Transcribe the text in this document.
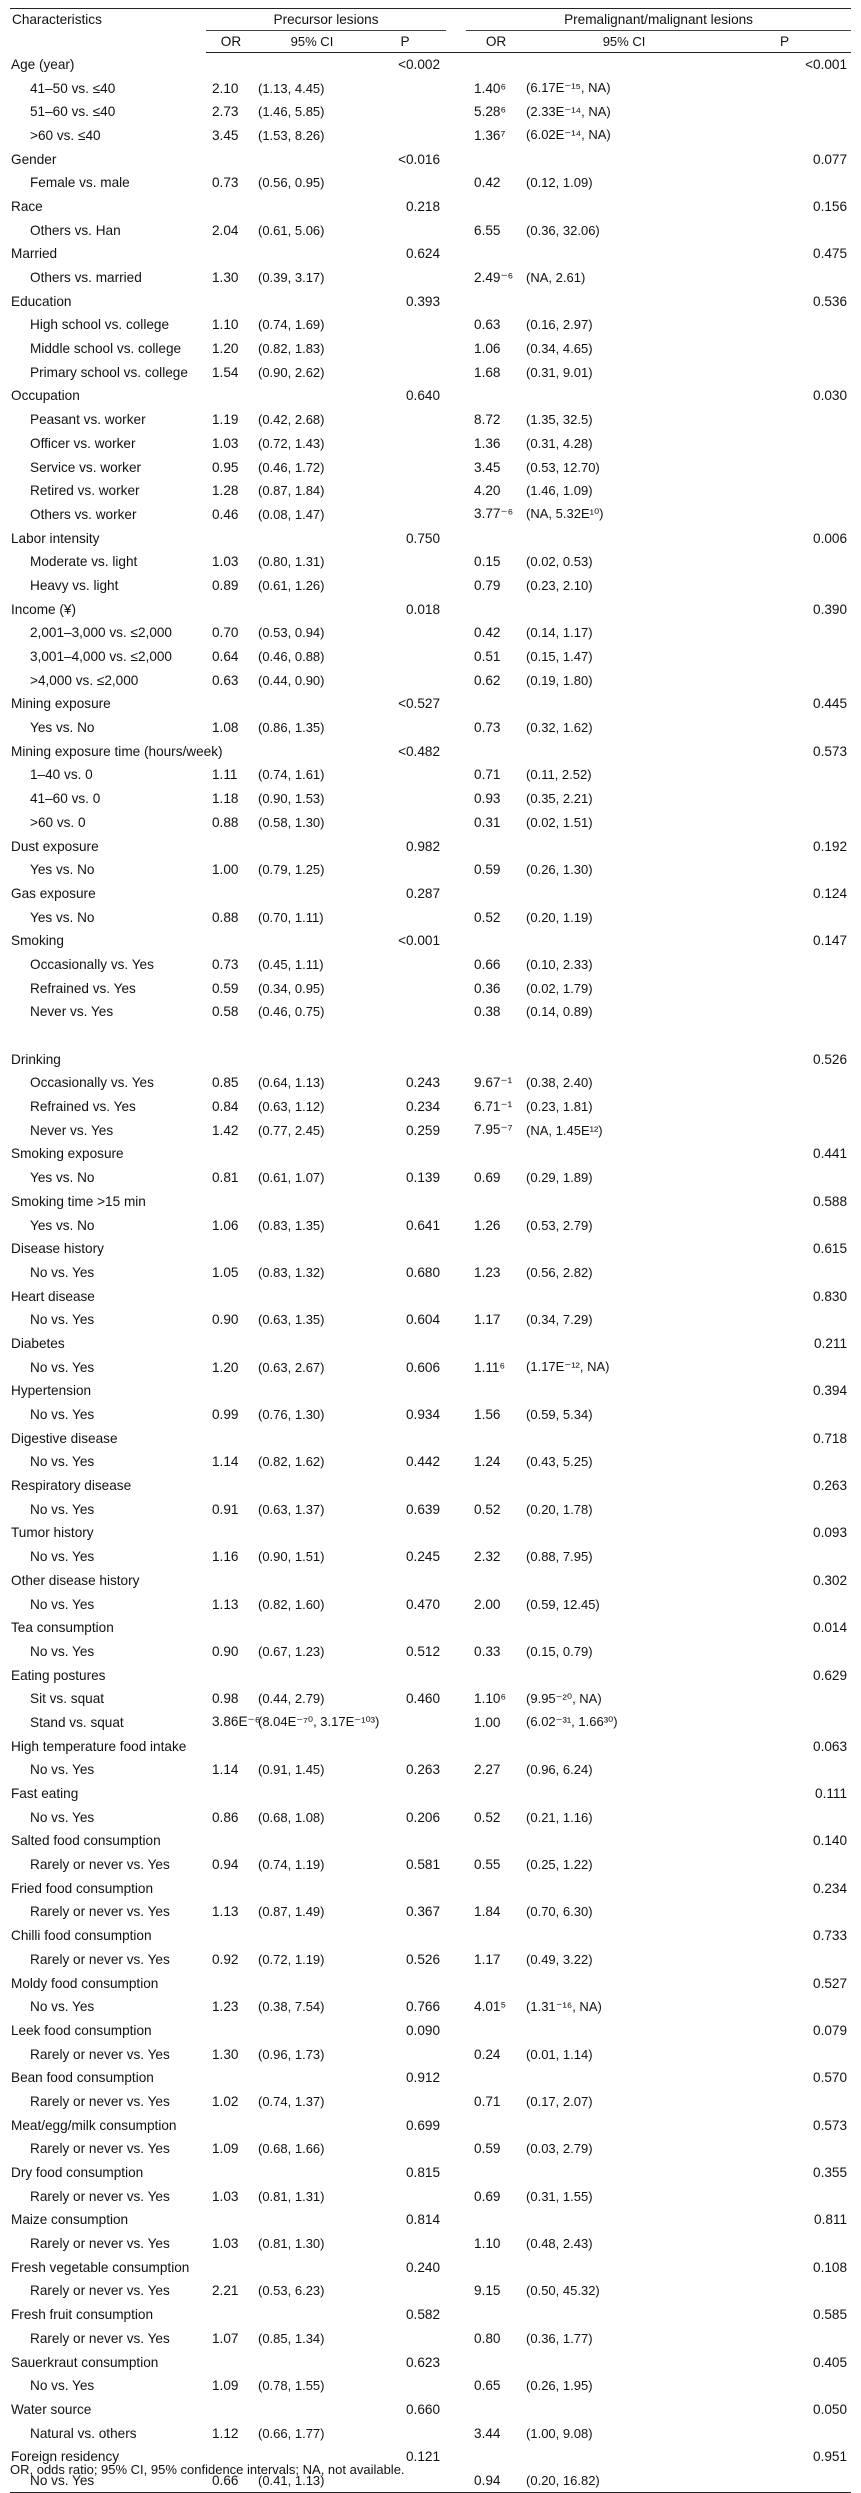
Characteristics	Precursor lesions				Premalignant/malignant lesions		
	OR	95% CI	P		OR	95% CI	P
Age (year)			<0.002				<0.001
41–50 vs. ≤40	2.10	(1.13, 4.45)			1.40⁶	(6.17E⁻¹⁵, NA)	
51–60 vs. ≤40	2.73	(1.46, 5.85)			5.28⁶	(2.33E⁻¹⁴, NA)	
>60 vs. ≤40	3.45	(1.53, 8.26)			1.36⁷	(6.02E⁻¹⁴, NA)	
Gender			<0.016				0.077
Female vs. male	0.73	(0.56, 0.95)			0.42	(0.12, 1.09)	
Race			0.218				0.156
Others vs. Han	2.04	(0.61, 5.06)			6.55	(0.36, 32.06)	
Married			0.624				0.475
Others vs. married	1.30	(0.39, 3.17)			2.49⁻⁶	(NA, 2.61)	
Education			0.393				0.536
High school vs. college	1.10	(0.74, 1.69)			0.63	(0.16, 2.97)	
Middle school vs. college	1.20	(0.82, 1.83)			1.06	(0.34, 4.65)	
Primary school vs. college	1.54	(0.90, 2.62)			1.68	(0.31, 9.01)	
Occupation			0.640				0.030
Peasant vs. worker	1.19	(0.42, 2.68)			8.72	(1.35, 32.5)	
Officer vs. worker	1.03	(0.72, 1.43)			1.36	(0.31, 4.28)	
Service vs. worker	0.95	(0.46, 1.72)			3.45	(0.53, 12.70)	
Retired vs. worker	1.28	(0.87, 1.84)			4.20	(1.46, 1.09)	
Others vs. worker	0.46	(0.08, 1.47)			3.77⁻⁶	(NA, 5.32E¹⁰)	
Labor intensity			0.750				0.006
Moderate vs. light	1.03	(0.80, 1.31)			0.15	(0.02, 0.53)	
Heavy vs. light	0.89	(0.61, 1.26)			0.79	(0.23, 2.10)	
Income (¥)			0.018				0.390
2,001–3,000 vs. ≤2,000	0.70	(0.53, 0.94)			0.42	(0.14, 1.17)	
3,001–4,000 vs. ≤2,000	0.64	(0.46, 0.88)			0.51	(0.15, 1.47)	
>4,000 vs. ≤2,000	0.63	(0.44, 0.90)			0.62	(0.19, 1.80)	
Mining exposure			<0.527				0.445
Yes vs. No	1.08	(0.86, 1.35)			0.73	(0.32, 1.62)	
Mining exposure time (hours/week)			<0.482				0.573
1–40 vs. 0	1.11	(0.74, 1.61)			0.71	(0.11, 2.52)	
41–60 vs. 0	1.18	(0.90, 1.53)			0.93	(0.35, 2.21)	
>60 vs. 0	0.88	(0.58, 1.30)			0.31	(0.02, 1.51)	
Dust exposure			0.982				0.192
Yes vs. No	1.00	(0.79, 1.25)			0.59	(0.26, 1.30)	
Gas exposure			0.287				0.124
Yes vs. No	0.88	(0.70, 1.11)			0.52	(0.20, 1.19)	
Smoking			<0.001				0.147
Occasionally vs. Yes	0.73	(0.45, 1.11)			0.66	(0.10, 2.33)	
Refrained vs. Yes	0.59	(0.34, 0.95)			0.36	(0.02, 1.79)	
Never vs. Yes	0.58	(0.46, 0.75)			0.38	(0.14, 0.89)	

Drinking							0.526
Occasionally vs. Yes	0.85	(0.64, 1.13)	0.243		9.67⁻¹	(0.38, 2.40)	
Refrained vs. Yes	0.84	(0.63, 1.12)	0.234		6.71⁻¹	(0.23, 1.81)	
Never vs. Yes	1.42	(0.77, 2.45)	0.259		7.95⁻⁷	(NA, 1.45E¹²)	
Smoking exposure							0.441
Yes vs. No	0.81	(0.61, 1.07)	0.139		0.69	(0.29, 1.89)	
Smoking time >15 min							0.588
Yes vs. No	1.06	(0.83, 1.35)	0.641		1.26	(0.53, 2.79)	
Disease history							0.615
No vs. Yes	1.05	(0.83, 1.32)	0.680		1.23	(0.56, 2.82)	
Heart disease							0.830
No vs. Yes	0.90	(0.63, 1.35)	0.604		1.17	(0.34, 7.29)	
Diabetes							0.211
No vs. Yes	1.20	(0.63, 2.67)	0.606		1.11⁶	(1.17E⁻¹², NA)	
Hypertension							0.394
No vs. Yes	0.99	(0.76, 1.30)	0.934		1.56	(0.59, 5.34)	
Digestive disease							0.718
No vs. Yes	1.14	(0.82, 1.62)	0.442		1.24	(0.43, 5.25)	
Respiratory disease							0.263
No vs. Yes	0.91	(0.63, 1.37)	0.639		0.52	(0.20, 1.78)	
Tumor history							0.093
No vs. Yes	1.16	(0.90, 1.51)	0.245		2.32	(0.88, 7.95)	
Other disease history							0.302
No vs. Yes	1.13	(0.82, 1.60)	0.470		2.00	(0.59, 12.45)	
Tea consumption							0.014
No vs. Yes	0.90	(0.67, 1.23)	0.512		0.33	(0.15, 0.79)	
Eating postures							0.629
Sit vs. squat	0.98	(0.44, 2.79)	0.460		1.10⁶	(9.95⁻²⁰, NA)	
Stand vs. squat	3.86E⁻⁶	(8.04E⁻⁷⁰, 3.17E⁻¹⁰³)			1.00	(6.02⁻³¹, 1.66³⁰)	
High temperature food intake							0.063
No vs. Yes	1.14	(0.91, 1.45)	0.263		2.27	(0.96, 6.24)	
Fast eating							0.111
No vs. Yes	0.86	(0.68, 1.08)	0.206		0.52	(0.21, 1.16)	
Salted food consumption							0.140
Rarely or never vs. Yes	0.94	(0.74, 1.19)	0.581		0.55	(0.25, 1.22)	
Fried food consumption							0.234
Rarely or never vs. Yes	1.13	(0.87, 1.49)	0.367		1.84	(0.70, 6.30)	
Chilli food consumption							0.733
Rarely or never vs. Yes	0.92	(0.72, 1.19)	0.526		1.17	(0.49, 3.22)	
Moldy food consumption							0.527
No vs. Yes	1.23	(0.38, 7.54)	0.766		4.01⁵	(1.31⁻¹⁶, NA)	
Leek food consumption			0.090				0.079
Rarely or never vs. Yes	1.30	(0.96, 1.73)			0.24	(0.01, 1.14)	
Bean food consumption			0.912				0.570
Rarely or never vs. Yes	1.02	(0.74, 1.37)			0.71	(0.17, 2.07)	
Meat/egg/milk consumption			0.699				0.573
Rarely or never vs. Yes	1.09	(0.68, 1.66)			0.59	(0.03, 2.79)	
Dry food consumption			0.815				0.355
Rarely or never vs. Yes	1.03	(0.81, 1.31)			0.69	(0.31, 1.55)	
Maize consumption			0.814				0.811
Rarely or never vs. Yes	1.03	(0.81, 1.30)			1.10	(0.48, 2.43)	
Fresh vegetable consumption			0.240				0.108
Rarely or never vs. Yes	2.21	(0.53, 6.23)			9.15	(0.50, 45.32)	
Fresh fruit consumption			0.582				0.585
Rarely or never vs. Yes	1.07	(0.85, 1.34)			0.80	(0.36, 1.77)	
Sauerkraut consumption			0.623				0.405
No vs. Yes	1.09	(0.78, 1.55)			0.65	(0.26, 1.95)	
Water source			0.660				0.050
Natural vs. others	1.12	(0.66, 1.77)			3.44	(1.00, 9.08)	
Foreign residency			0.121				0.951
No vs. Yes	0.66	(0.41, 1.13)			0.94	(0.20, 16.82)	
OR, odds ratio; 95% CI, 95% confidence intervals; NA, not available.
